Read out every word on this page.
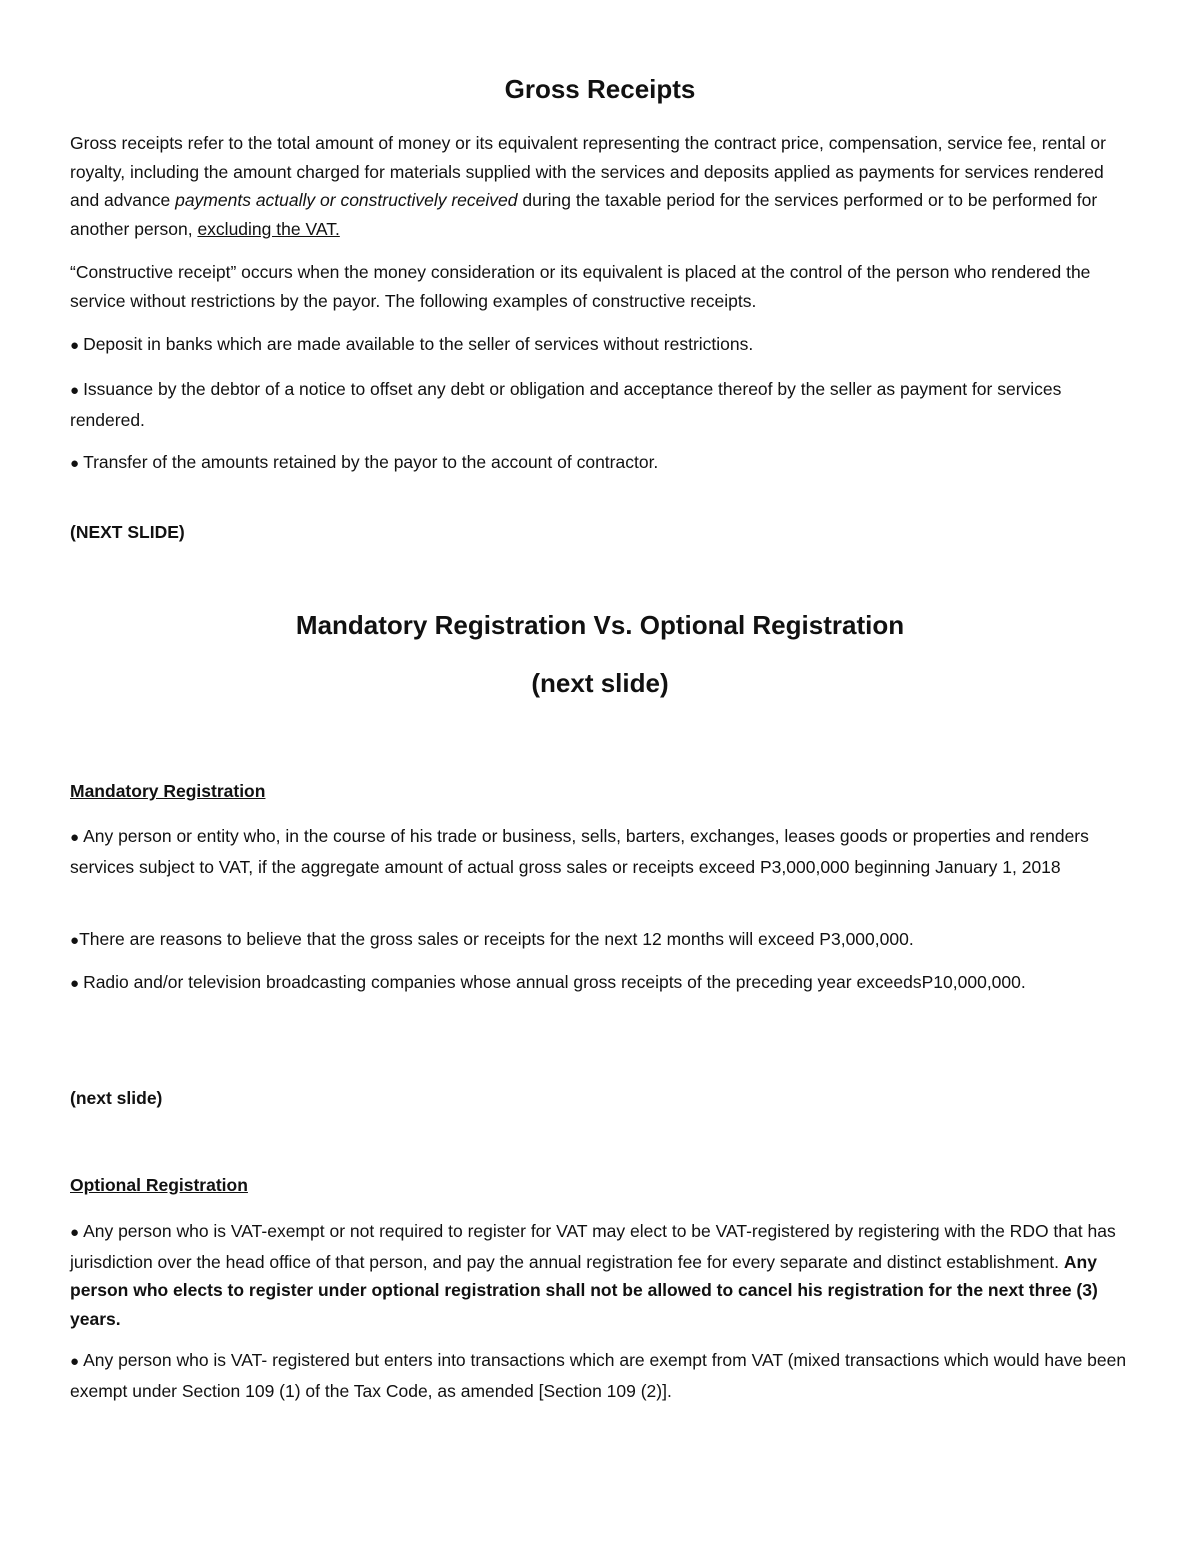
Gross Receipts

Gross receipts refer to the total amount of money or its equivalent representing the contract price, compensation, service fee, rental or royalty, including the amount charged for materials supplied with the services and deposits applied as payments for services rendered and advance payments actually or constructively received during the taxable period for the services performed or to be performed for another person, excluding the VAT.

“Constructive receipt” occurs when the money consideration or its equivalent is placed at the control of the person who rendered the service without restrictions by the payor. The following examples of constructive receipts.

● Deposit in banks which are made available to the seller of services without restrictions.

● Issuance by the debtor of a notice to offset any debt or obligation and acceptance thereof by the seller as payment for services rendered.

● Transfer of the amounts retained by the payor to the account of contractor.

(NEXT SLIDE)

Mandatory Registration Vs. Optional Registration
(next slide)

Mandatory Registration

● Any person or entity who, in the course of his trade or business, sells, barters, exchanges, leases goods or properties and renders services subject to VAT, if the aggregate amount of actual gross sales or receipts exceed P3,000,000 beginning January 1, 2018

●There are reasons to believe that the gross sales or receipts for the next 12 months will exceed P3,000,000.

● Radio and/or television broadcasting companies whose annual gross receipts of the preceding year exceedsP10,000,000.

(next slide)

Optional Registration

● Any person who is VAT-exempt or not required to register for VAT may elect to be VAT-registered by registering with the RDO that has jurisdiction over the head office of that person, and pay the annual registration fee for every separate and distinct establishment. Any person who elects to register under optional registration shall not be allowed to cancel his registration for the next three (3) years.

● Any person who is VAT- registered but enters into transactions which are exempt from VAT (mixed transactions which would have been exempt under Section 109 (1) of the Tax Code, as amended [Section 109 (2)].
